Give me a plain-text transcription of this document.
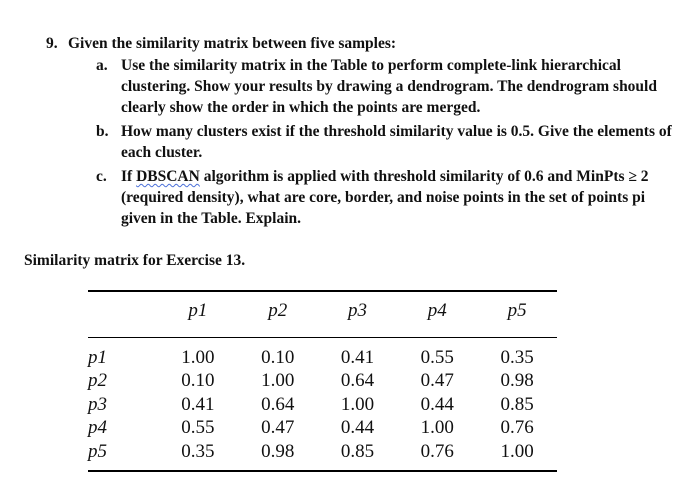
9. Given the similarity matrix between five samples:
a. Use the similarity matrix in the Table to perform complete-link hierarchical clustering. Show your results by drawing a dendrogram. The dendrogram should clearly show the order in which the points are merged.
b. How many clusters exist if the threshold similarity value is 0.5. Give the elements of each cluster.
c. If DBSCAN algorithm is applied with threshold similarity of 0.6 and MinPts ≥ 2 (required density), what are core, border, and noise points in the set of points pi given in the Table. Explain.
Similarity matrix for Exercise 13.
	p1	p2	p3	p4	p5
p1	1.00	0.10	0.41	0.55	0.35
p2	0.10	1.00	0.64	0.47	0.98
p3	0.41	0.64	1.00	0.44	0.85
p4	0.55	0.47	0.44	1.00	0.76
p5	0.35	0.98	0.85	0.76	1.00
